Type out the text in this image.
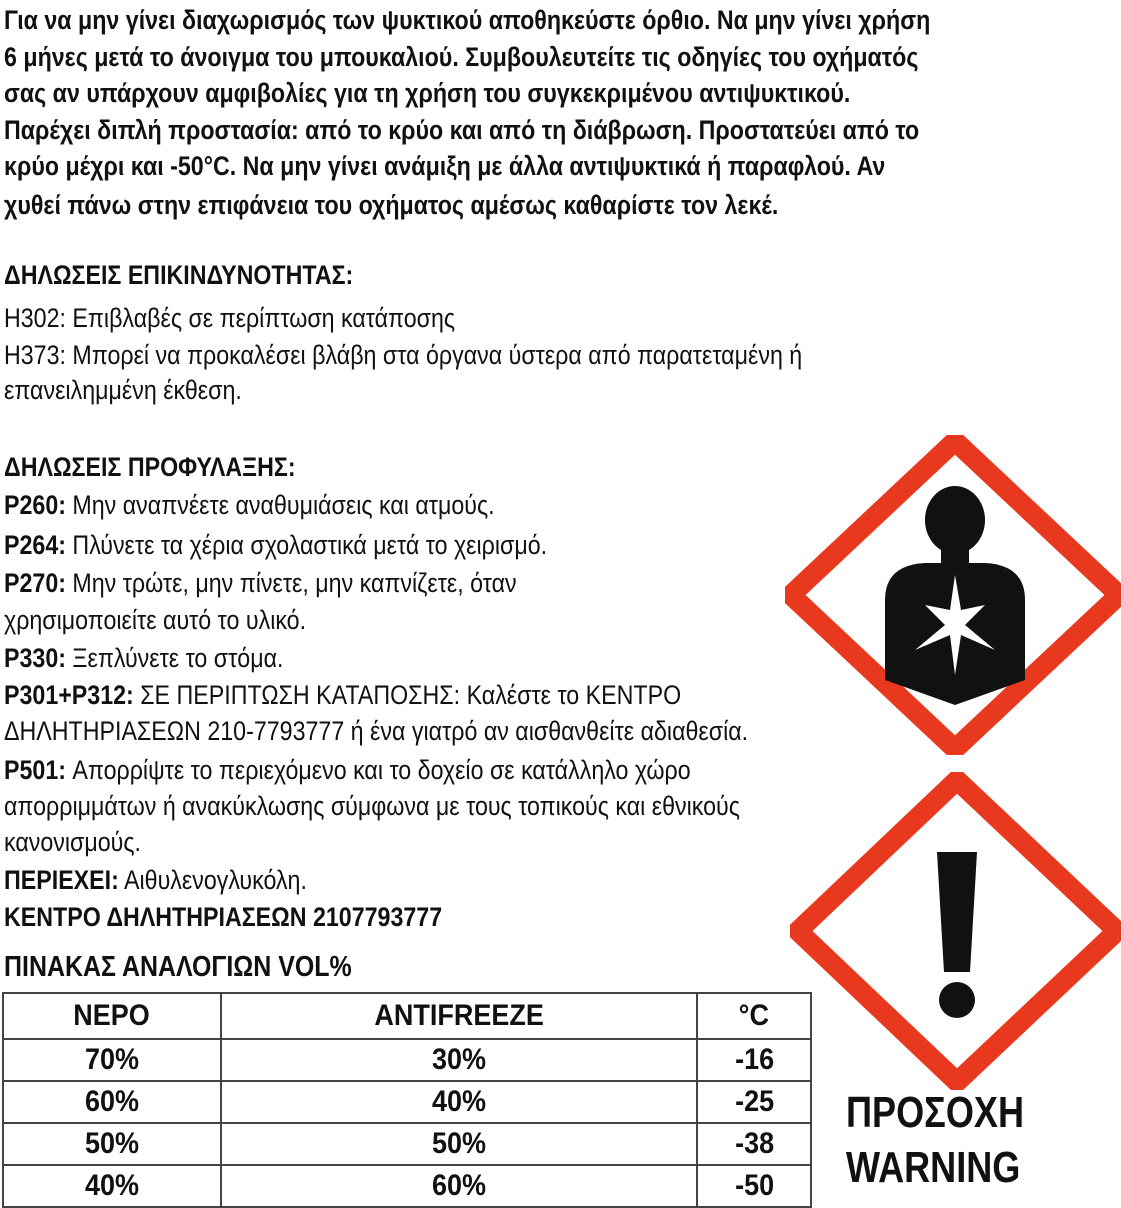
Για να μην γίνει διαχωρισμός των ψυκτικού αποθηκεύστε όρθιο. Να μην γίνει χρήση
6 μήνες μετά το άνοιγμα του μπουκαλιού. Συμβουλευτείτε τις οδηγίες του οχήματός
σας αν υπάρχουν αμφιβολίες για τη χρήση του συγκεκριμένου αντιψυκτικού.
Παρέχει διπλή προστασία: από το κρύο και από τη διάβρωση. Προστατεύει από το
κρύο μέχρι και -50°C. Να μην γίνει ανάμιξη με άλλα αντιψυκτικά ή παραφλού. Αν
χυθεί πάνω στην επιφάνεια του οχήματος αμέσως καθαρίστε τον λεκέ.
ΔΗΛΩΣΕΙΣ ΕΠΙΚΙΝΔΥΝΟΤΗΤΑΣ:
H302: Επιβλαβές σε περίπτωση κατάποσης
H373: Μπορεί να προκαλέσει βλάβη στα όργανα ύστερα από παρατεταμένη ή
επανειλημμένη έκθεση.
ΔΗΛΩΣΕΙΣ ΠΡΟΦΥΛΑΞΗΣ:
P260: Μην αναπνέετε αναθυμιάσεις και ατμούς.
P264: Πλύνετε τα χέρια σχολαστικά μετά το χειρισμό.
P270: Μην τρώτε, μην πίνετε, μην καπνίζετε, όταν
χρησιμοποιείτε αυτό το υλικό.
P330: Ξεπλύνετε το στόμα.
P301+P312: ΣΕ ΠΕΡΙΠΤΩΣΗ ΚΑΤΑΠΟΣΗΣ: Καλέστε το ΚΕΝΤΡΟ
ΔΗΛΗΤΗΡΙΑΣΕΩΝ 210-7793777 ή ένα γιατρό αν αισθανθείτε αδιαθεσία.
P501: Απορρίψτε το περιεχόμενο και το δοχείο σε κατάλληλο χώρο
απορριμμάτων ή ανακύκλωσης σύμφωνα με τους τοπικούς και εθνικούς
κανονισμούς.
ΠΕΡΙΕΧΕΙ: Αιθυλενογλυκόλη.
ΚΕΝΤΡΟ ΔΗΛΗΤΗΡΙΑΣΕΩΝ 2107793777
ΠΙΝΑΚΑΣ ΑΝΑΛΟΓΙΩΝ VOL%
ΝΕΡΟ	ANTIFREEZE	°C
70%	30%	-16
60%	40%	-25
50%	50%	-38
40%	60%	-50
ΠΡΟΣΟΧΗ
WARNING
